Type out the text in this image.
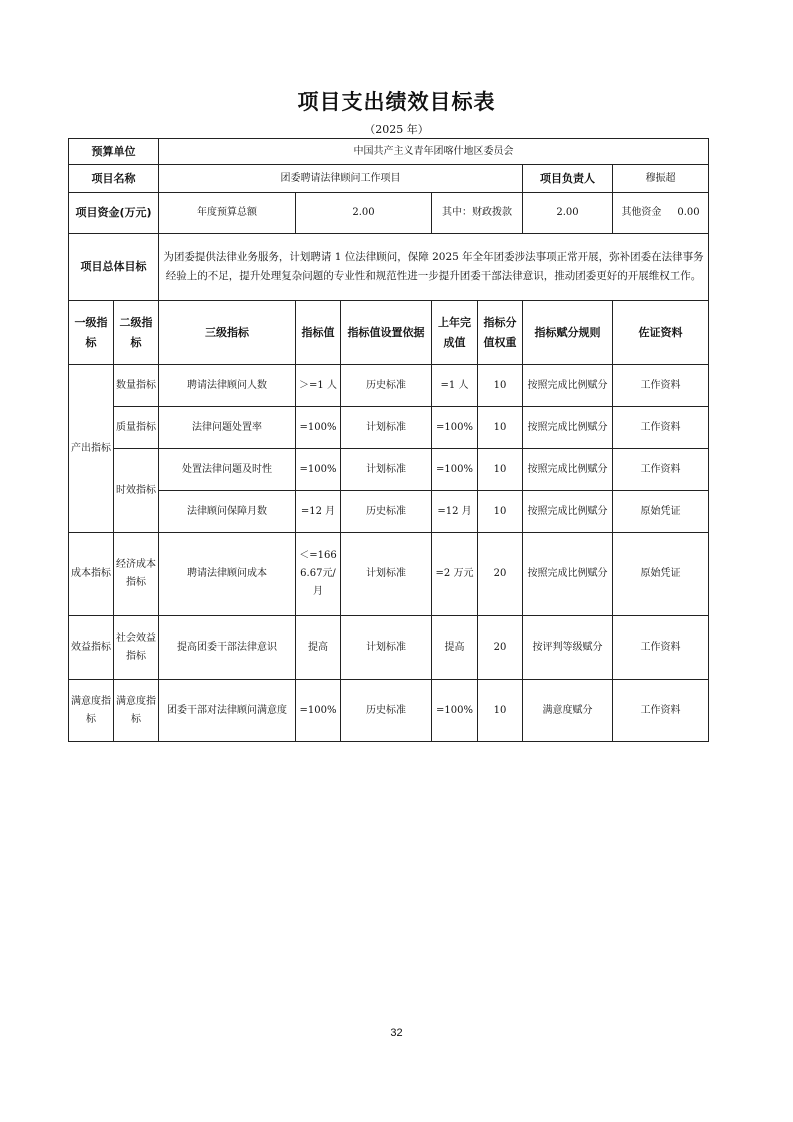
项目支出绩效目标表
（2025 年）
预算单位		中国共产主义青年团喀什地区委员会						
项目名称		团委聘请法律顾问工作项目					项目负责人	穆振超
项目资金(万元)		年度预算总额	2.00		其中：财政拨款		2.00	其他资金 0.00
项目总体目标		为团委提供法律业务服务，计划聘请 1 位法律顾问，保障 2025 年全年团委涉法事项正常开展，弥补团委在法律事务经验上的不足，提升处理复杂问题的专业性和规范性进一步提升团委干部法律意识，推动团委更好的开展维权工作。						
一级指标	二级指标	三级指标	指标值	指标值设置依据	上年完成值	指标分值权重	指标赋分规则	佐证资料
产出指标	数量指标	聘请法律顾问人数	＞=1 人	历史标准	=1 人	10	按照完成比例赋分	工作资料
	质量指标	法律问题处置率	=100%	计划标准	=100%	10	按照完成比例赋分	工作资料
	时效指标	处置法律问题及时性	=100%	计划标准	=100%	10	按照完成比例赋分	工作资料
		法律顾问保障月数	=12 月	历史标准	=12 月	10	按照完成比例赋分	原始凭证
成本指标	经济成本指标	聘请法律顾问成本	＜=1666.67元/月	计划标准	=2 万元	20	按照完成比例赋分	原始凭证
效益指标	社会效益指标	提高团委干部法律意识	提高	计划标准	提高	20	按评判等级赋分	工作资料
满意度指标	满意度指标	团委干部对法律顾问满意度	=100%	历史标准	=100%	10	满意度赋分	工作资料
32
